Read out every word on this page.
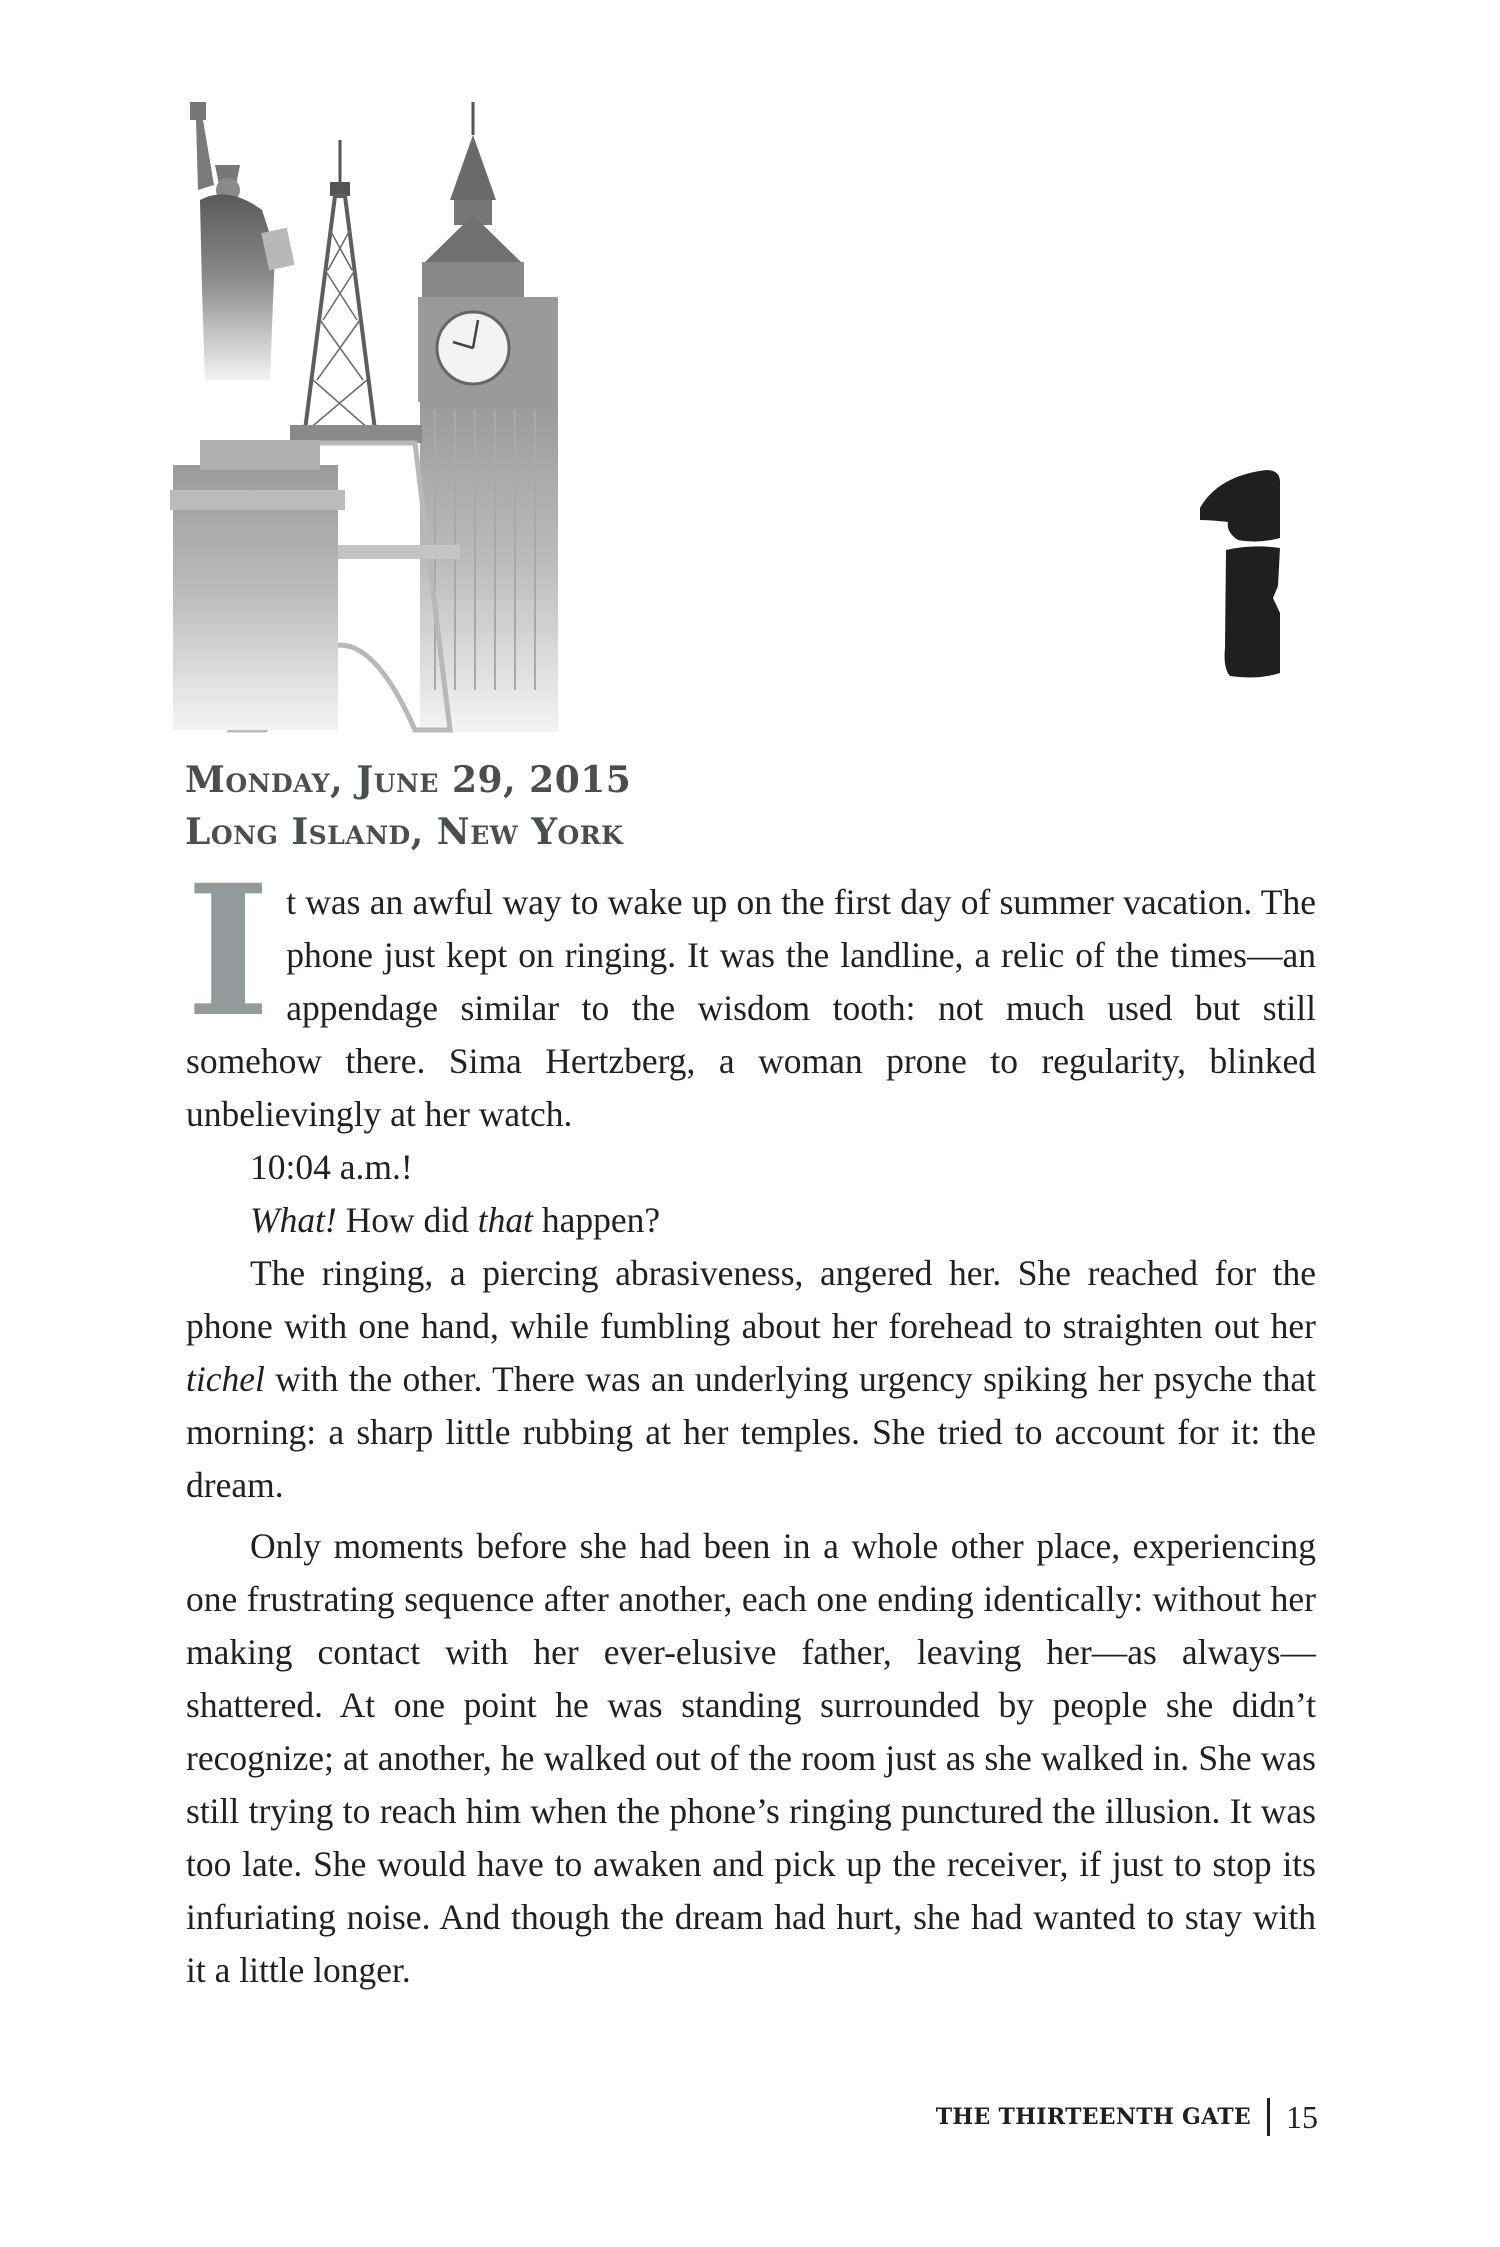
Monday, June 29, 2015
Long Island, New York

It was an awful way to wake up on the first day of summer vacation. The phone just kept on ringing. It was the landline, a relic of the times—an appendage similar to the wisdom tooth: not much used but still somehow there. Sima Hertzberg, a woman prone to regularity, blinked unbelievingly at her watch.

10:04 a.m.!

What! How did that happen?

The ringing, a piercing abrasiveness, angered her. She reached for the phone with one hand, while fumbling about her forehead to straighten out her tichel with the other. There was an underlying urgency spiking her psyche that morning: a sharp little rubbing at her temples. She tried to account for it: the dream.

Only moments before she had been in a whole other place, experiencing one frustrating sequence after another, each one ending identically: without her making contact with her ever-elusive father, leaving her—as always—shattered. At one point he was standing surrounded by people she didn’t recognize; at another, he walked out of the room just as she walked in. She was still trying to reach him when the phone’s ringing punctured the illusion. It was too late. She would have to awaken and pick up the receiver, if just to stop its infuriating noise. And though the dream had hurt, she had wanted to stay with it a little longer.

THE THIRTEENTH GATE 15
